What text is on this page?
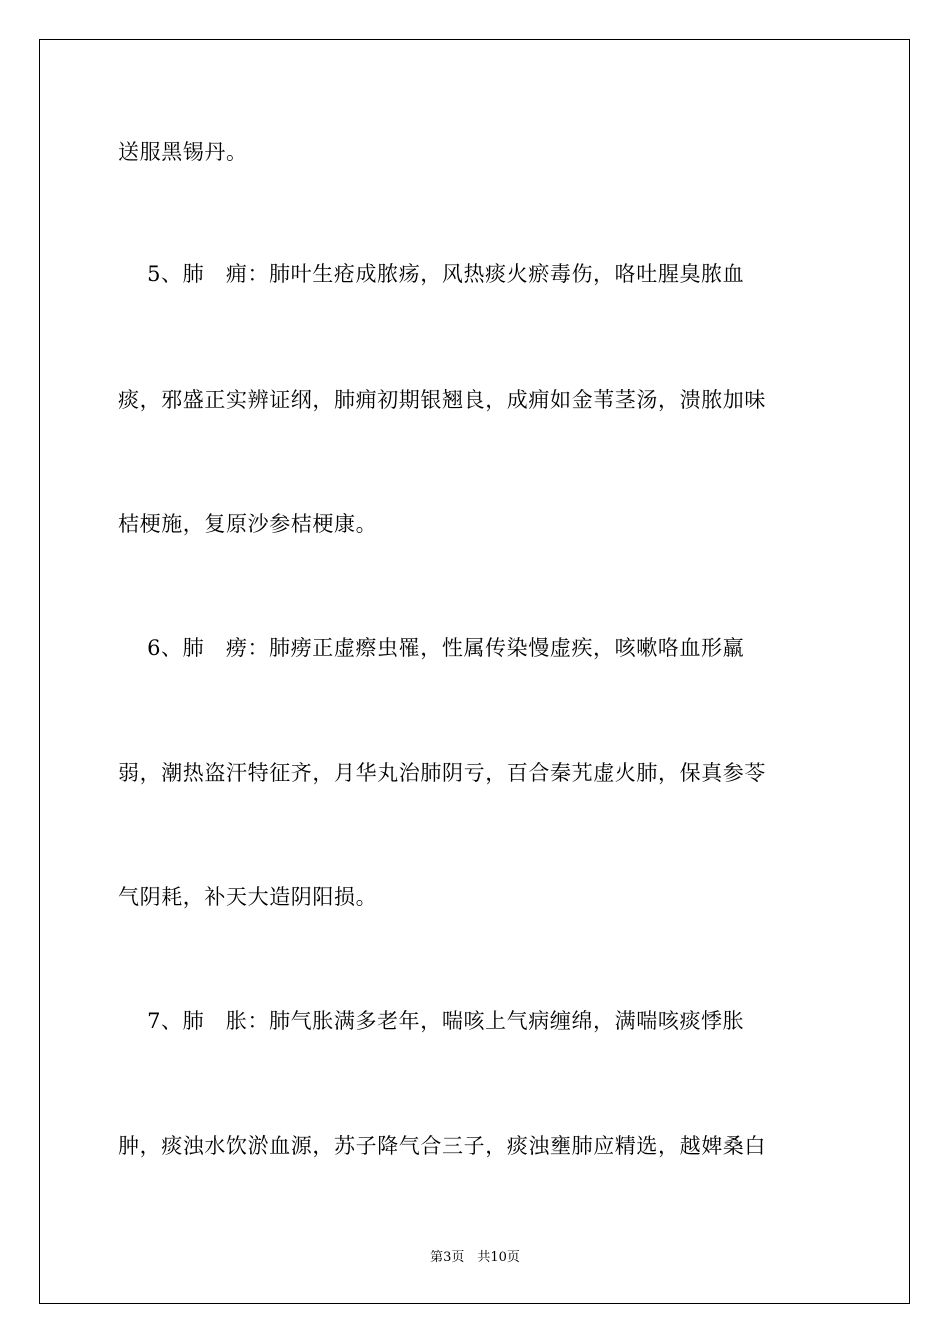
送服黑锡丹。

5、肺　痈：肺叶生疮成脓疡，风热痰火瘀毒伤，咯吐腥臭脓血

痰，邪盛正实辨证纲，肺痈初期银翘良，成痈如金苇茎汤，溃脓加味

桔梗施，复原沙参桔梗康。

6、肺　痨：肺痨正虚瘵虫罹，性属传染慢虚疾，咳嗽咯血形羸

弱，潮热盗汗特征齐，月华丸治肺阴亏，百合秦艽虚火肺，保真参苓

气阴耗，补天大造阴阳损。

7、肺　胀：肺气胀满多老年，喘咳上气病缠绵，满喘咳痰悸胀

肿，痰浊水饮淤血源，苏子降气合三子，痰浊壅肺应精选，越婢桑白

第3页　共10页
